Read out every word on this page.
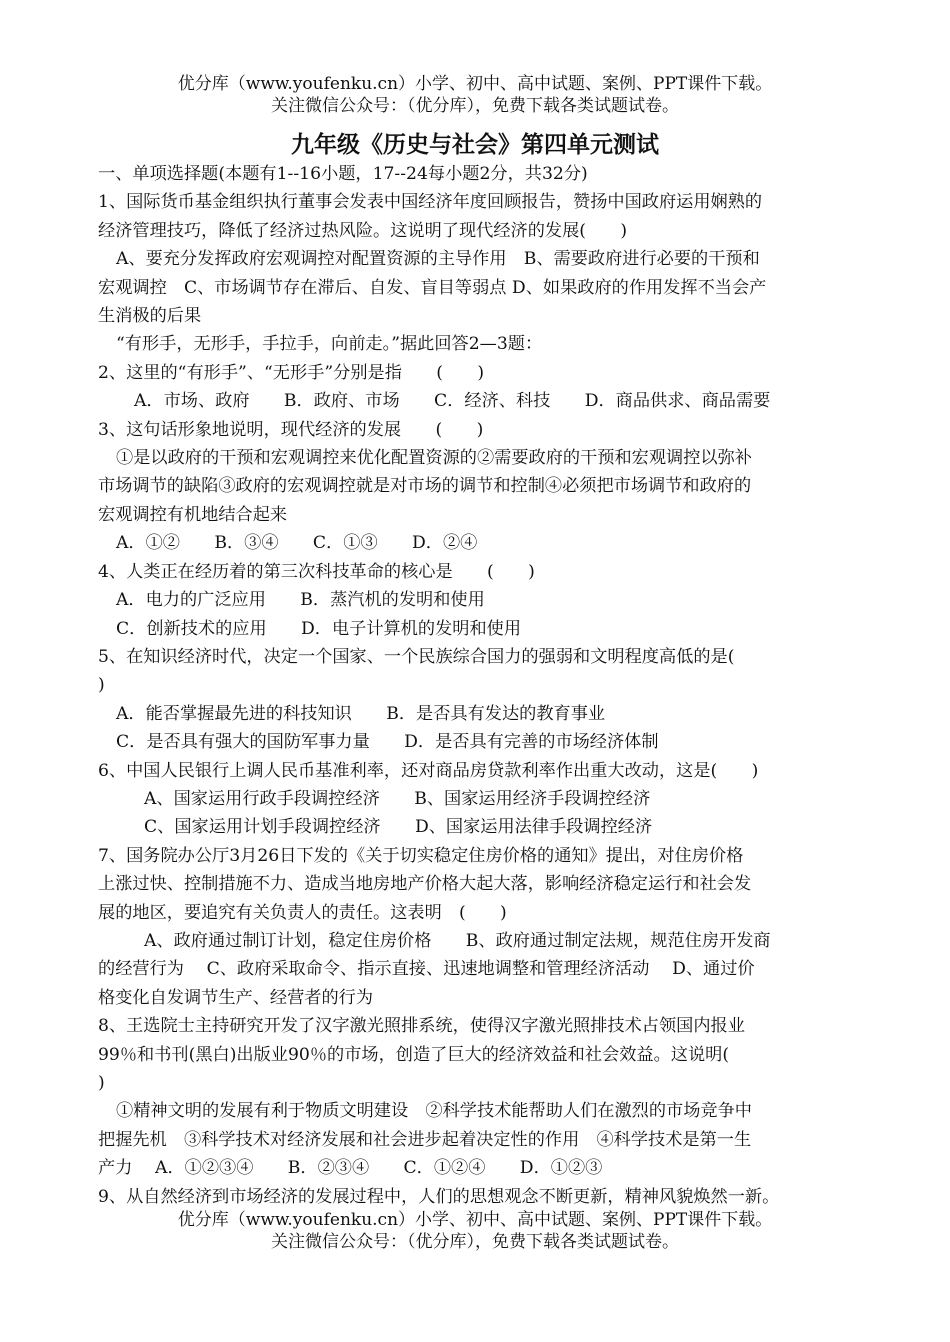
优分库（www.youfenku.cn）小学、初中、高中试题、案例、PPT课件下载。
关注微信公众号：（优分库），免费下载各类试题试卷。
九年级《历史与社会》第四单元测试

一、单项选择题(本题有1--16小题，17--24每小题2分，共32分)

1、国际货币基金组织执行董事会发表中国经济年度回顾报告，赞扬中国政府运用娴熟的

经济管理技巧，降低了经济过热风险。这说明了现代经济的发展(　　)

A、要充分发挥政府宏观调控对配置资源的主导作用　B、需要政府进行必要的干预和

宏观调控　C、市场调节存在滞后、自发、盲目等弱点 D、如果政府的作用发挥不当会产

生消极的后果

“有形手，无形手，手拉手，向前走。”据此回答2—3题：

2、这里的“有形手”、“无形手”分别是指　　(　　)

A．市场、政府　　B．政府、市场　　C．经济、科技　　D．商品供求、商品需要

3、这句话形象地说明，现代经济的发展　　(　　)

①是以政府的干预和宏观调控来优化配置资源的②需要政府的干预和宏观调控以弥补

市场调节的缺陷③政府的宏观调控就是对市场的调节和控制④必须把市场调节和政府的

宏观调控有机地结合起来

A．①②　　B．③④　　C．①③　　D．②④

4、人类正在经历着的第三次科技革命的核心是　　(　　)

A．电力的广泛应用　　B．蒸汽机的发明和使用

C．创新技术的应用　　D．电子计算机的发明和使用

5、在知识经济时代，决定一个国家、一个民族综合国力的强弱和文明程度高低的是(

)

A．能否掌握最先进的科技知识　　B．是否具有发达的教育事业

C．是否具有强大的国防军事力量　　D．是否具有完善的市场经济体制

6、中国人民银行上调人民币基准利率，还对商品房贷款利率作出重大改动，这是(　　)

A、国家运用行政手段调控经济　　B、国家运用经济手段调控经济

C、国家运用计划手段调控经济　　D、国家运用法律手段调控经济

7、国务院办公厅3月26日下发的《关于切实稳定住房价格的通知》提出，对住房价格

上涨过快、控制措施不力、造成当地房地产价格大起大落，影响经济稳定运行和社会发

展的地区，要追究有关负责人的责任。这表明　(　　)

A、政府通过制订计划，稳定住房价格　　B、政府通过制定法规，规范住房开发商

的经营行为　 C、政府采取命令、指示直接、迅速地调整和管理经济活动　 D、通过价

格变化自发调节生产、经营者的行为

8、王选院士主持研究开发了汉字激光照排系统，使得汉字激光照排技术占领国内报业

99％和书刊(黑白)出版业90％的市场，创造了巨大的经济效益和社会效益。这说明(

)

①精神文明的发展有利于物质文明建设　②科学技术能帮助人们在激烈的市场竞争中

把握先机　③科学技术对经济发展和社会进步起着决定性的作用　④科学技术是第一生

产力　 A．①②③④　　B．②③④　　C．①②④　　D．①②③

9、从自然经济到市场经济的发展过程中，人们的思想观念不断更新，精神风貌焕然一新。

优分库（www.youfenku.cn）小学、初中、高中试题、案例、PPT课件下载。
关注微信公众号：（优分库），免费下载各类试题试卷。
